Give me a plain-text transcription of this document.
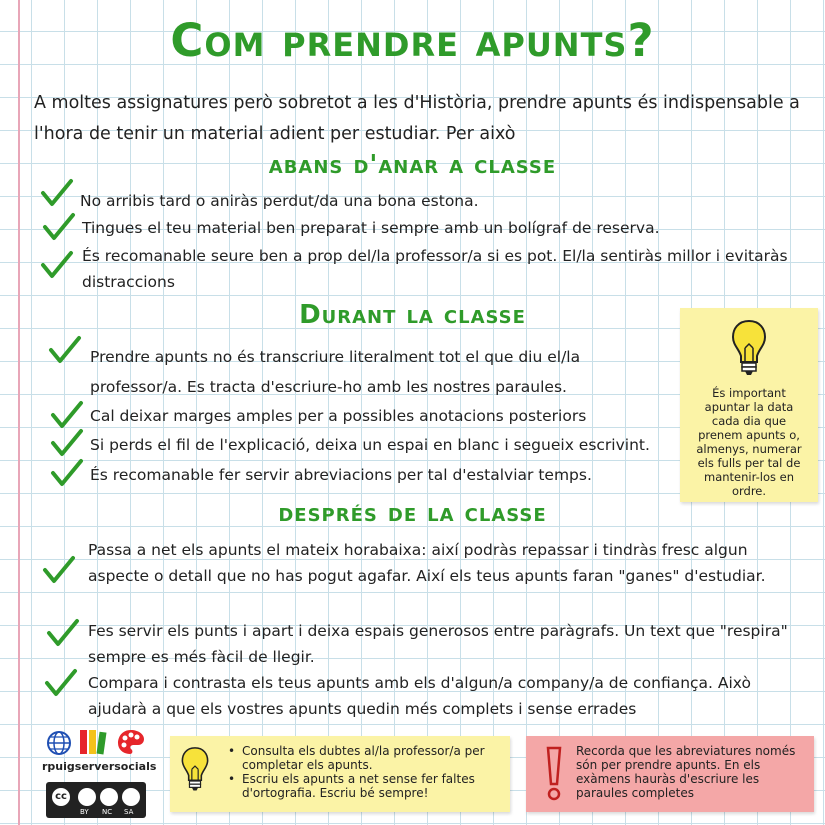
Com prendre apunts?
A moltes assignatures però sobretot a les d'Història, prendre apunts és indispensable a l'hora de tenir un material adient per estudiar. Per això
abans d'anar a classe
No arribis tard o aniràs perdut/da una bona estona.
Tingues el teu material ben preparat i sempre amb un bolígraf de reserva.
És recomanable seure ben a prop del/la professor/a si es pot. El/la sentiràs millor i evitaràs distraccions
Durant la classe
Prendre apunts no és transcriure literalment tot el que diu el/la professor/a. Es tracta d'escriure-ho amb les nostres paraules.
Cal deixar marges amples per a possibles anotacions posteriors
Si perds el fil de l'explicació, deixa un espai en blanc i segueix escrivint.
És recomanable fer servir abreviacions per tal d'estalviar temps.
És important apuntar la data cada dia que prenem apunts o, almenys, numerar els fulls per tal de mantenir-los en ordre.
després de la classe
Passa a net els apunts el mateix horabaixa: així podràs repassar i tindràs fresc algun aspecte o detall que no has pogut agafar. Així els teus apunts faran "ganes" d'estudiar.
Fes servir els punts i apart i deixa espais generosos entre paràgrafs. Un text que "respira" sempre es més fàcil de llegir.
Compara i contrasta els teus apunts amb els d'algun/a company/a de confiança. Això ajudarà a que els vostres apunts quedin més complets i sense errades
rpuigserversocials
cc
BY NC SA
• Consulta els dubtes al/la professor/a per completar els apunts.
• Escriu els apunts a net sense fer faltes d'ortografia. Escriu bé sempre!
Recorda que les abreviatures només són per prendre apunts. En els exàmens hauràs d'escriure les paraules completes
